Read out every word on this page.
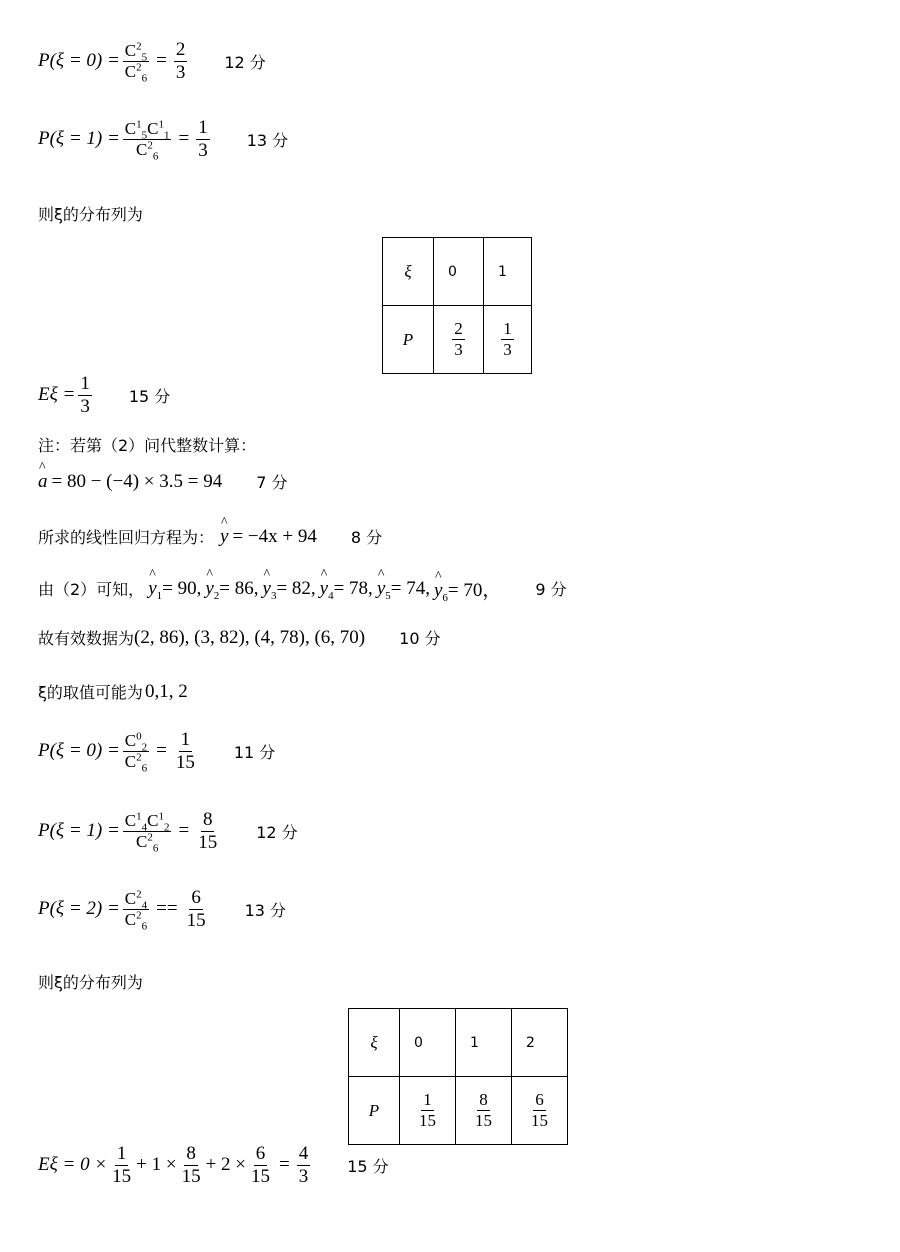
$P(\xi = 0) = \frac{C^2_5}{C^2_6} = \frac{2}{3} 12$ 分
$P(\xi = 1) = \frac{C^1_5C^1_1}{C^2_6} = \frac{1}{3} 13$ 分
则ξ的分布列为
ξ	0	1
P	$\frac{2}{3}$	$\frac{1}{3}$
$E\xi = \frac{1}{3} 15$ 分
注：若第（2）问代整数计算：
^ a = 80 − (−4) × 3.5 = 94 7 分
所求的线性回归方程为： ^ y = −4x + 94 8 分
由（2）可知， ^ $y_1= 90$, ^ $y_2= 86$, ^ $y_3= 82$, ^ $y_4= 78$, ^ $y_5= 74$, ^ $y_6= 70$， 9 分
故有效数据为 (2, 86), (3, 82), (4, 78), (6, 70) 10 分
ξ的取值可能为 0,1, 2
$P(\xi = 0) = \frac{C^0_2}{C^2_6} = \frac{1}{15} 11$ 分
$P(\xi = 1) = \frac{C^1_4C^1_2}{C^2_6} = \frac{8}{15} 12$ 分
$P(\xi = 2) = \frac{C^2_4}{C^2_6} == \frac{6}{15} 13$ 分
则ξ的分布列为
ξ	0	1	2
P	$\frac{1}{15}$	$\frac{8}{15}$	$\frac{6}{15}$
$E\xi = 0 \times \frac{1}{15} + 1 \times \frac{8}{15} + 2 \times \frac{6}{15} = \frac{4}{3} 15$ 分
